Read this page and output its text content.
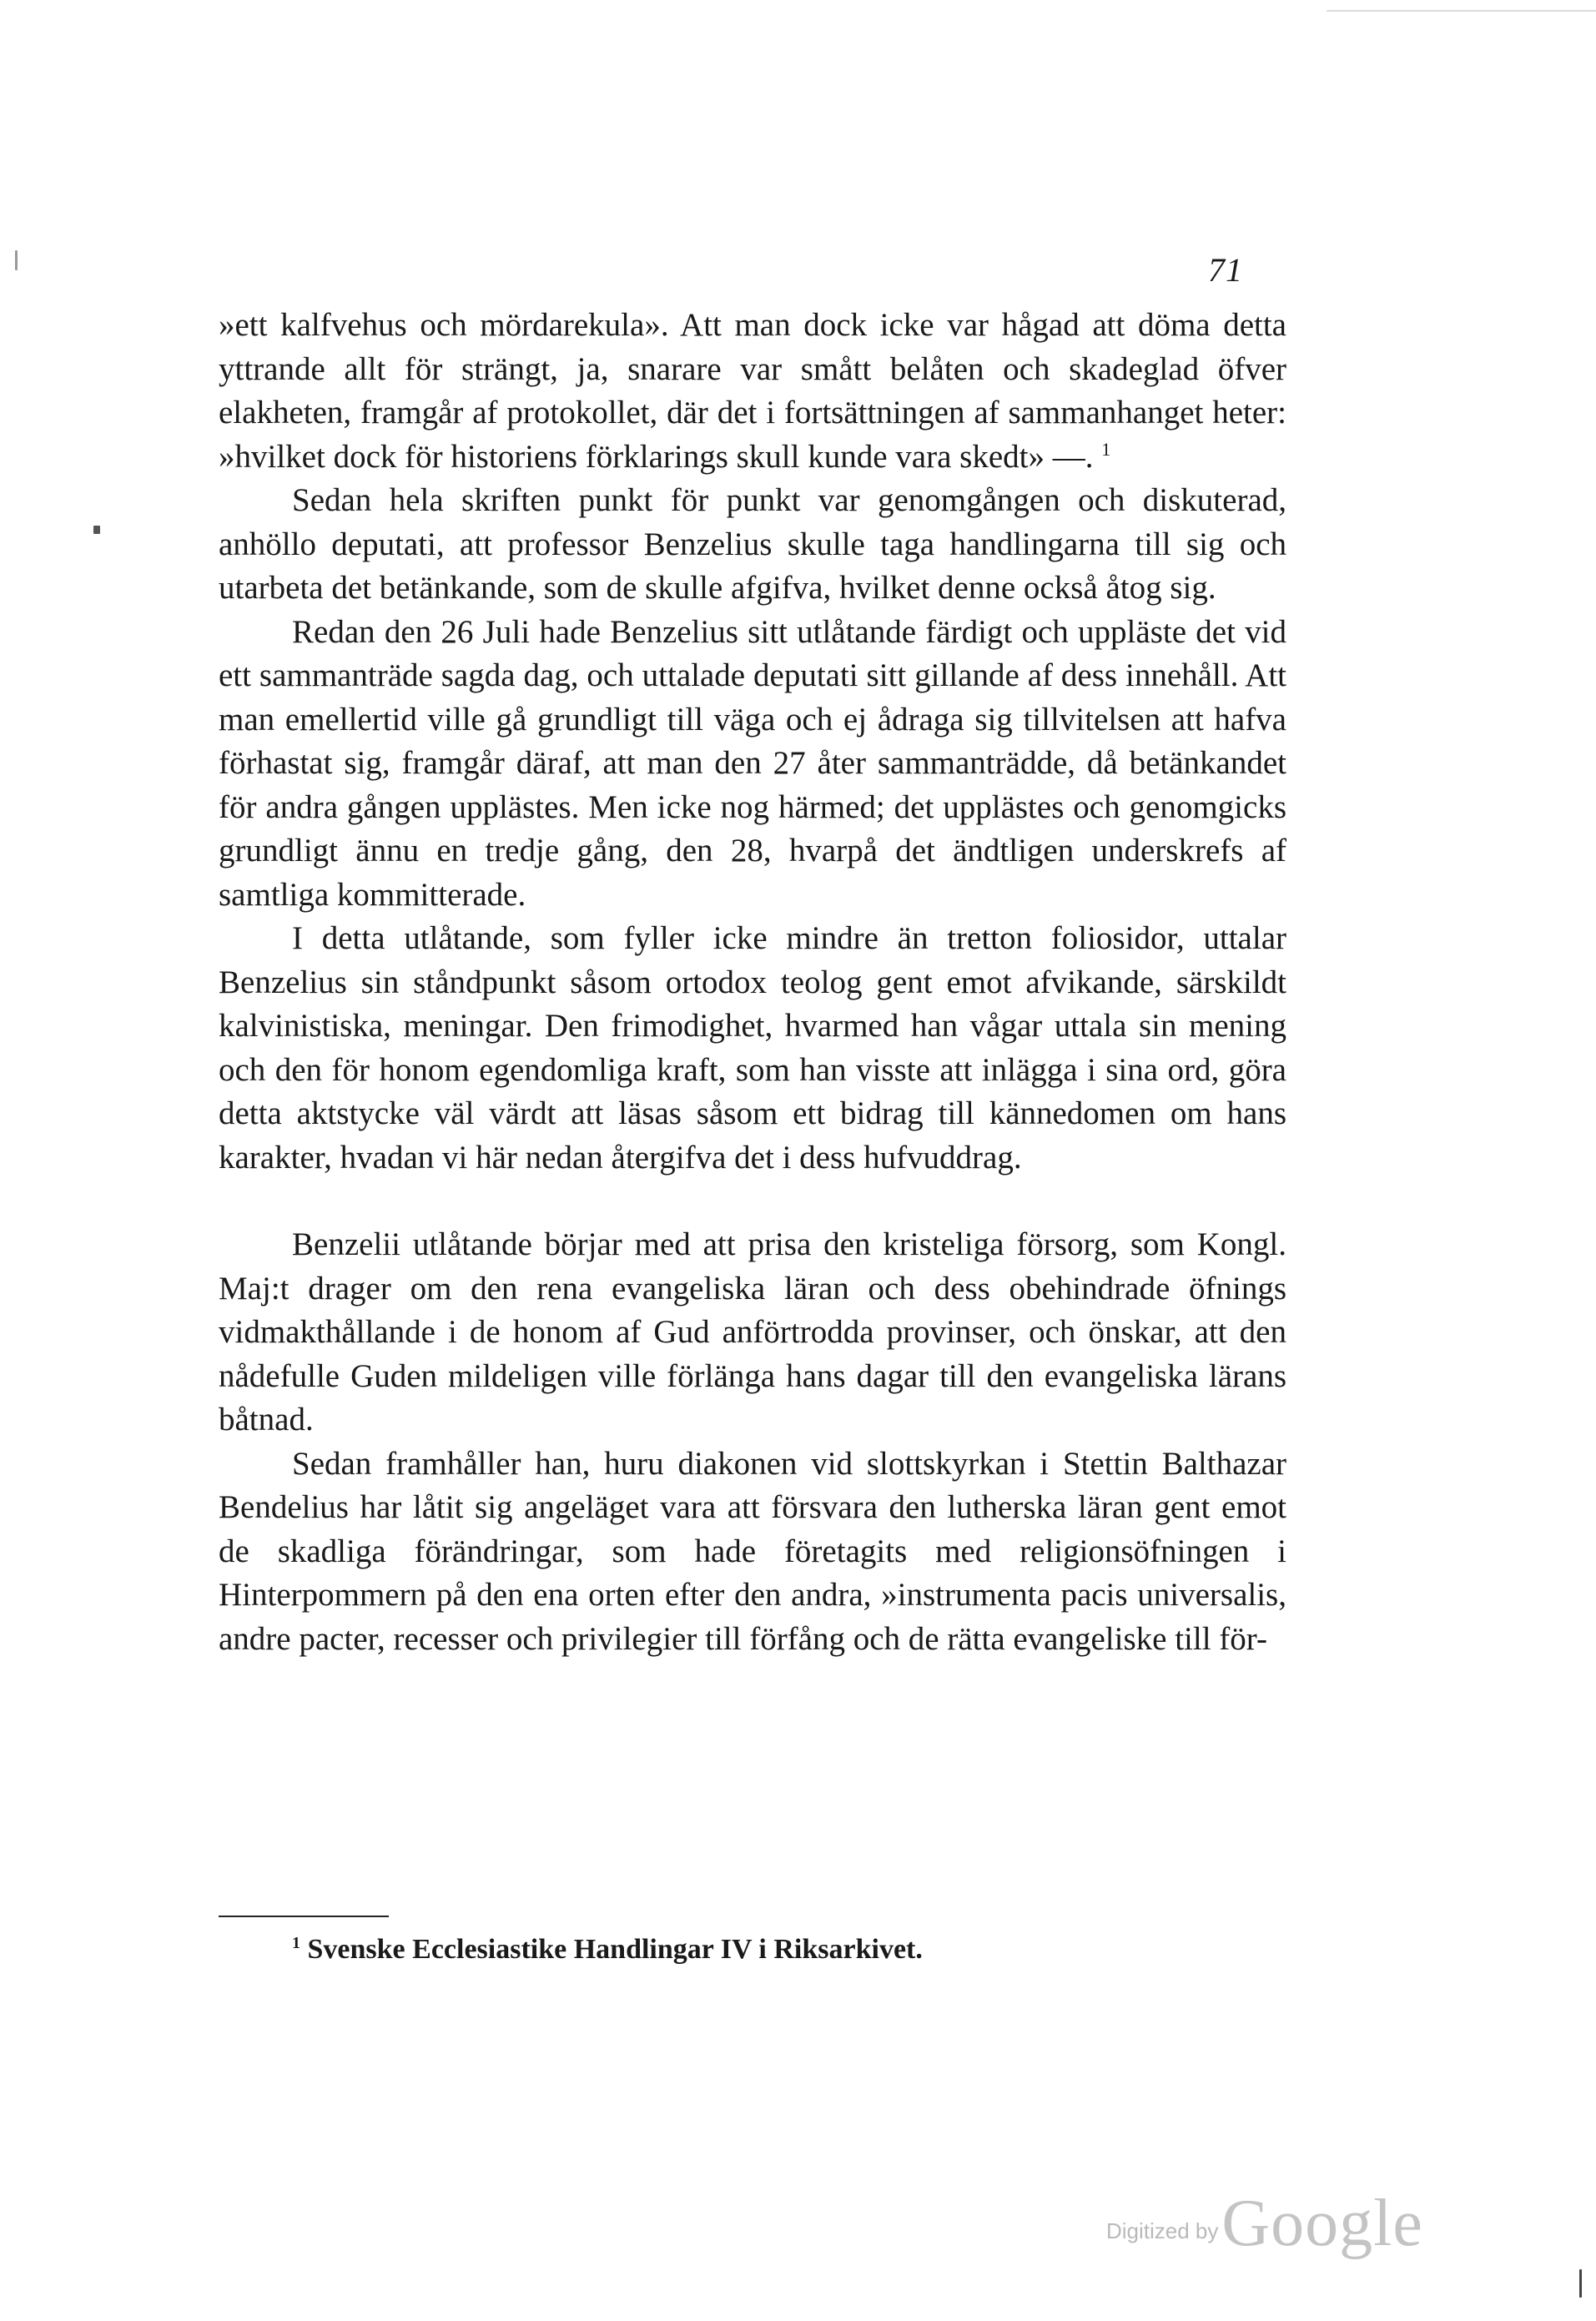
71

»ett kalfvehus och mördarekula». Att man dock icke var hågad att döma detta yttrande allt för strängt, ja, snarare var smått belåten och skadeglad öfver elakheten, framgår af protokollet, där det i fortsättningen af sammanhanget heter: »hvilket dock för historiens förklarings skull kunde vara skedt» —. $^1$

Sedan hela skriften punkt för punkt var genomgången och diskuterad, anhöllo deputati, att professor Benzelius skulle taga handlingarna till sig och utarbeta det betänkande, som de skulle afgifva, hvilket denne också åtog sig.

Redan den 26 Juli hade Benzelius sitt utlåtande färdigt och uppläste det vid ett sammanträde sagda dag, och uttalade deputati sitt gillande af dess innehåll. Att man emellertid ville gå grundligt till väga och ej ådraga sig tillvitelsen att hafva förhastat sig, framgår däraf, att man den 27 åter sammanträdde, då betänkandet för andra gången upplästes. Men icke nog härmed; det upplästes och genomgicks grundligt ännu en tredje gång, den 28, hvarpå det ändtligen underskrefs af samtliga kommitterade.

I detta utlåtande, som fyller icke mindre än tretton foliosidor, uttalar Benzelius sin ståndpunkt såsom ortodox teolog gent emot afvikande, särskildt kalvinistiska, meningar. Den frimodighet, hvarmed han vågar uttala sin mening och den för honom egendomliga kraft, som han visste att inlägga i sina ord, göra detta aktstycke väl värdt att läsas såsom ett bidrag till kännedomen om hans karakter, hvadan vi här nedan återgifva det i dess hufvuddrag.

Benzelii utlåtande börjar med att prisa den kristeliga försorg, som Kongl. Maj:t drager om den rena evangeliska läran och dess obehindrade öfnings vidmakthållande i de honom af Gud anförtrodda provinser, och önskar, att den nådefulle Guden mildeligen ville förlänga hans dagar till den evangeliska lärans båtnad.

Sedan framhåller han, huru diakonen vid slottskyrkan i Stettin Balthazar Bendelius har låtit sig angeläget vara att försvara den lutherska läran gent emot de skadliga förändringar, som hade företagits med religionsöfningen i Hinterpommern på den ena orten efter den andra, »instrumenta pacis universalis, andre pacter, recesser och privilegier till förfång och de rätta evangeliske till för-

$^1$ Svenske Ecclesiastike Handlingar IV i Riksarkivet.
Digitized by Google
